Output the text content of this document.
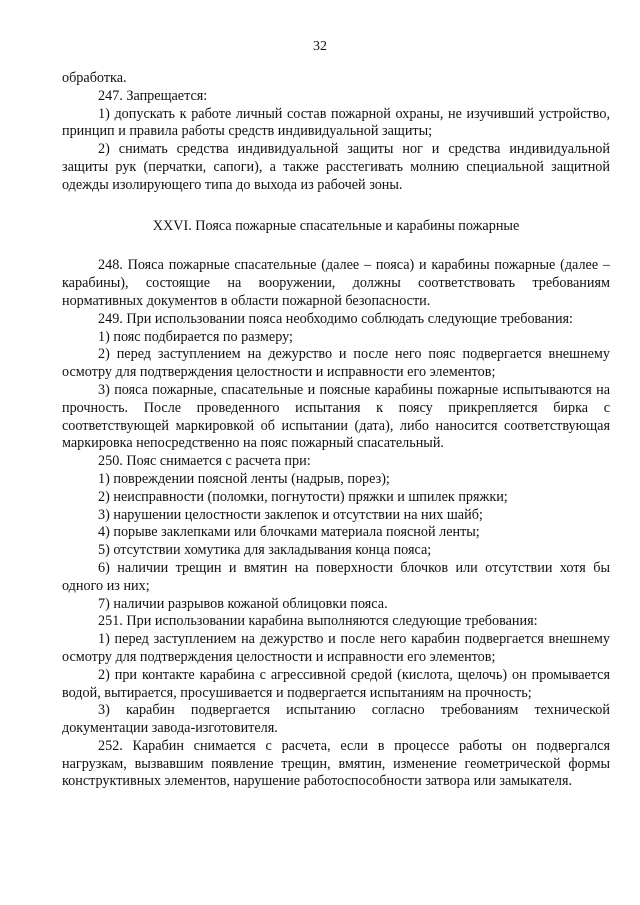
32

обработка.

247. Запрещается:

1) допускать к работе личный состав пожарной охраны, не изучивший устройство, принцип и правила работы средств индивидуальной защиты;

2) снимать средства индивидуальной защиты ног и средства индивидуальной защиты рук (перчатки, сапоги), а также расстегивать молнию специальной защитной одежды изолирующего типа до выхода из рабочей зоны.

XXVI. Пояса пожарные спасательные и карабины пожарные

248. Пояса пожарные спасательные (далее – пояса) и карабины пожарные (далее – карабины), состоящие на вооружении, должны соответствовать требованиям нормативных документов в области пожарной безопасности.

249. При использовании пояса необходимо соблюдать следующие требования:

1) пояс подбирается по размеру;

2) перед заступлением на дежурство и после него пояс подвергается внешнему осмотру для подтверждения целостности и исправности его элементов;

3) пояса пожарные, спасательные и поясные карабины пожарные испытываются на прочность. После проведенного испытания к поясу прикрепляется бирка с соответствующей маркировкой об испытании (дата), либо наносится соответствующая маркировка непосредственно на пояс пожарный спасательный.

250. Пояс снимается с расчета при:

1) повреждении поясной ленты (надрыв, порез);

2) неисправности (поломки, погнутости) пряжки и шпилек пряжки;

3) нарушении целостности заклепок и отсутствии на них шайб;

4) порыве заклепками или блочками материала поясной ленты;

5) отсутствии хомутика для закладывания конца пояса;

6) наличии трещин и вмятин на поверхности блочков или отсутствии хотя бы одного из них;

7) наличии разрывов кожаной облицовки пояса.

251. При использовании карабина выполняются следующие требования:

1) перед заступлением на дежурство и после него карабин подвергается внешнему осмотру для подтверждения целостности и исправности его элементов;

2) при контакте карабина с агрессивной средой (кислота, щелочь) он промывается водой, вытирается, просушивается и подвергается испытаниям на прочность;

3) карабин подвергается испытанию согласно требованиям технической документации завода-изготовителя.

252. Карабин снимается с расчета, если в процессе работы он подвергался нагрузкам, вызвавшим появление трещин, вмятин, изменение геометрической формы конструктивных элементов, нарушение работоспособности затвора или замыкателя.
